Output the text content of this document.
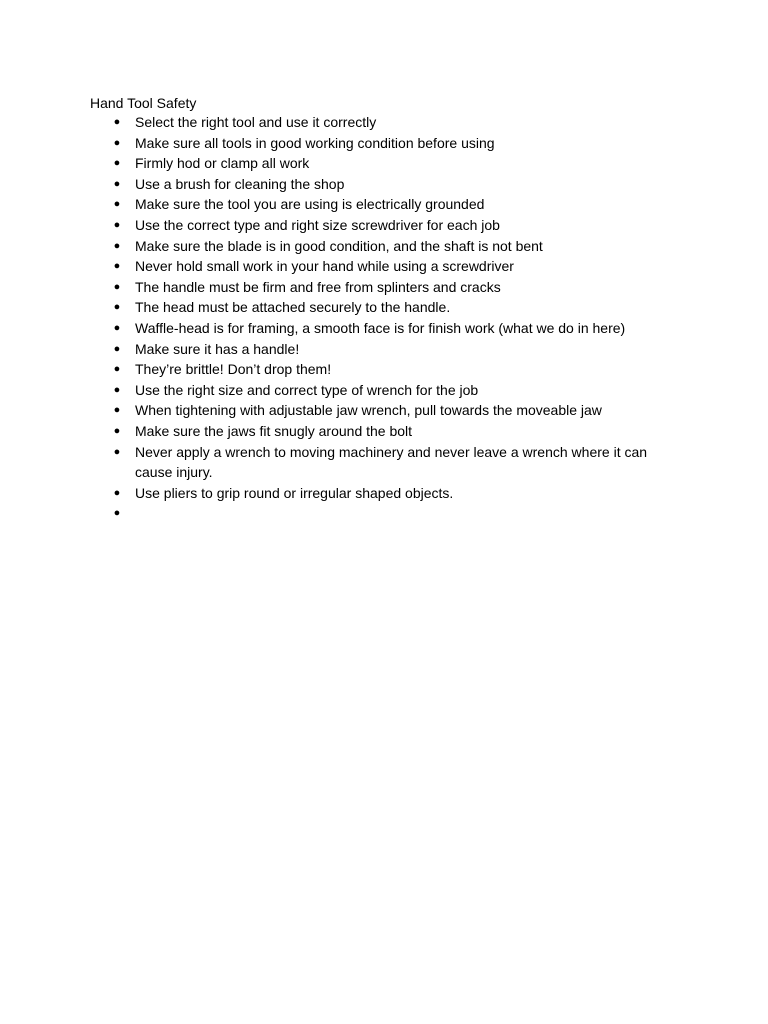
Hand Tool Safety
● Select the right tool and use it correctly
● Make sure all tools in good working condition before using
● Firmly hod or clamp all work
● Use a brush for cleaning the shop
● Make sure the tool you are using is electrically grounded
● Use the correct type and right size screwdriver for each job
● Make sure the blade is in good condition, and the shaft is not bent
● Never hold small work in your hand while using a screwdriver
● The handle must be firm and free from splinters and cracks
● The head must be attached securely to the handle.
● Waffle-head is for framing, a smooth face is for finish work (what we do in here)
● Make sure it has a handle!
● They’re brittle! Don’t drop them!
● Use the right size and correct type of wrench for the job
● When tightening with adjustable jaw wrench, pull towards the moveable jaw
● Make sure the jaws fit snugly around the bolt
● Never apply a wrench to moving machinery and never leave a wrench where it can cause injury.
● Use pliers to grip round or irregular shaped objects.
●
